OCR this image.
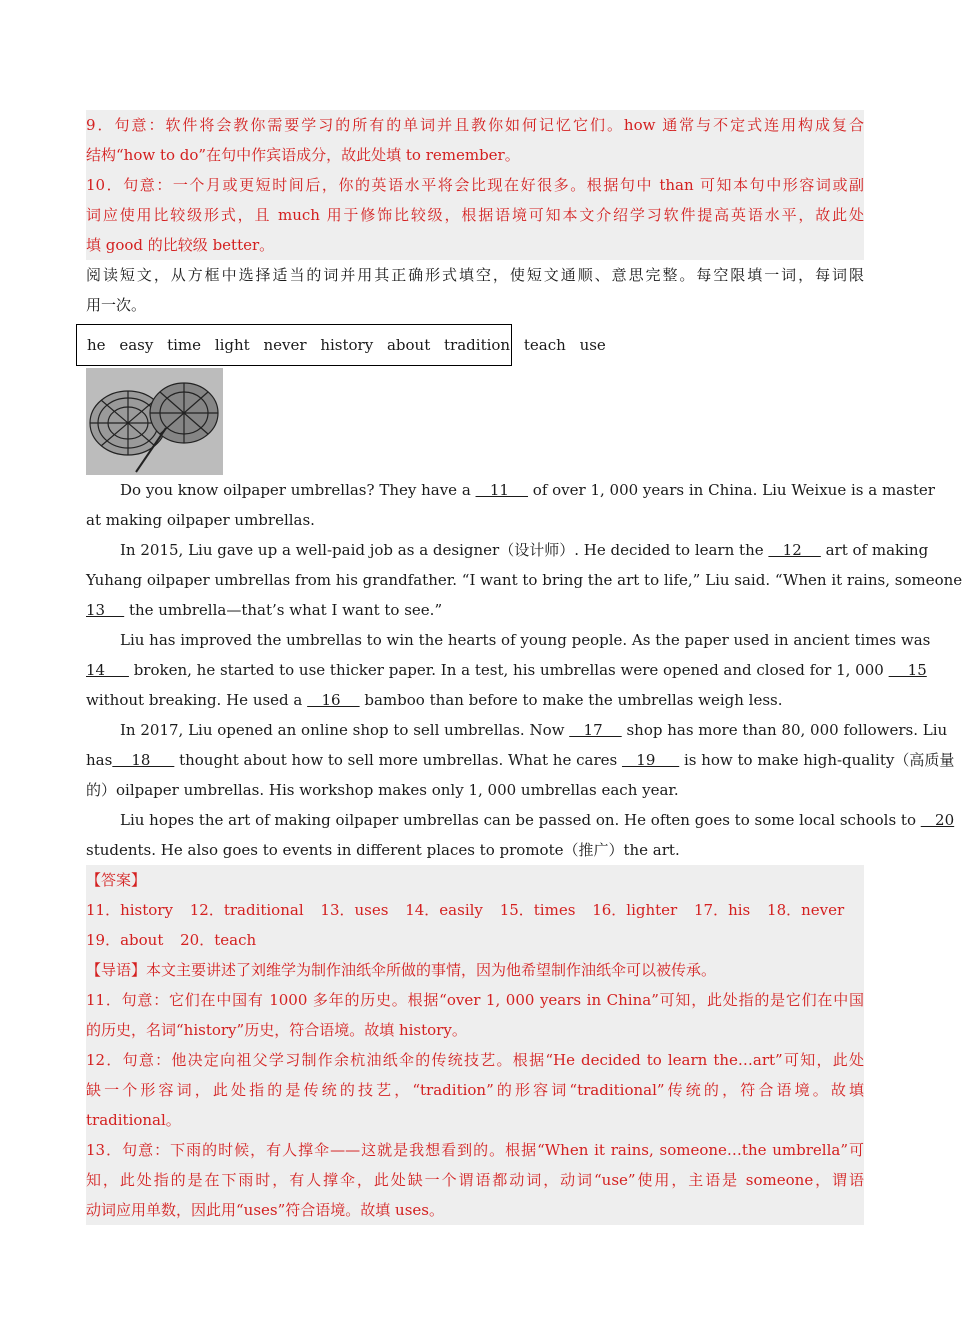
9．句意：软件将会教你需要学习的所有的单词并且教你如何记忆它们。how 通常与不定式连用构成复合
结构“how to do”在句中作宾语成分，故此处填 to remember。
10．句意：一个月或更短时间后，你的英语水平将会比现在好很多。根据句中 than 可知本句中形容词或副
词应使用比较级形式，且 much 用于修饰比较级，根据语境可知本文介绍学习软件提高英语水平，故此处
填 good 的比较级 better。
阅读短文，从方框中选择适当的词并用其正确形式填空，使短文通顺、意思完整。每空限填一词，每词限
用一次。
he easy time light never history about tradition teach use
Do you know oilpaper umbrellas? They have a    11     of over 1, 000 years in China. Liu Weixue is a master
at making oilpaper umbrellas.
In 2015, Liu gave up a well-paid job as a designer（设计师）. He decided to learn the    12     art of making
Yuhang oilpaper umbrellas from his grandfather. “I want to bring the art to life,” Liu said. “When it rains, someone
13     the umbrella—that’s what I want to see.”
Liu has improved the umbrellas to win the hearts of young people. As the paper used in ancient times was
14      broken, he started to use thicker paper. In a test, his umbrellas were opened and closed for 1, 000     15
without breaking. He used a    16     bamboo than before to make the umbrellas weigh less.
In 2017, Liu opened an online shop to sell umbrellas. Now    17     shop has more than 80, 000 followers. Liu
has    18      thought about how to sell more umbrellas. What he cares    19      is how to make high-quality（高质量
的）oilpaper umbrellas. His workshop makes only 1, 000 umbrellas each year.
Liu hopes the art of making oilpaper umbrellas can be passed on. He often goes to some local schools to    20
students. He also goes to events in different places to promote（推广）the art.
【答案】
11．history 12．traditional 13．uses 14．easily 15．times 16．lighter 17．his 18．never
19．about 20．teach
【导语】本文主要讲述了刘维学为制作油纸伞所做的事情，因为他希望制作油纸伞可以被传承。
11．句意：它们在中国有 1000 多年的历史。根据“over 1, 000 years in China”可知，此处指的是它们在中国
的历史，名词“history”历史，符合语境。故填 history。
12．句意：他决定向祖父学习制作余杭油纸伞的传统技艺。根据“He decided to learn the…art”可知，此处
缺一个形容词，此处指的是传统的技艺，“tradition”的形容词“traditional”传统的，符合语境。故填
traditional。
13．句意：下雨的时候，有人撑伞——这就是我想看到的。根据“When it rains, someone…the umbrella”可
知，此处指的是在下雨时，有人撑伞，此处缺一个谓语都动词，动词“use”使用，主语是 someone，谓语
动词应用单数，因此用“uses”符合语境。故填 uses。
